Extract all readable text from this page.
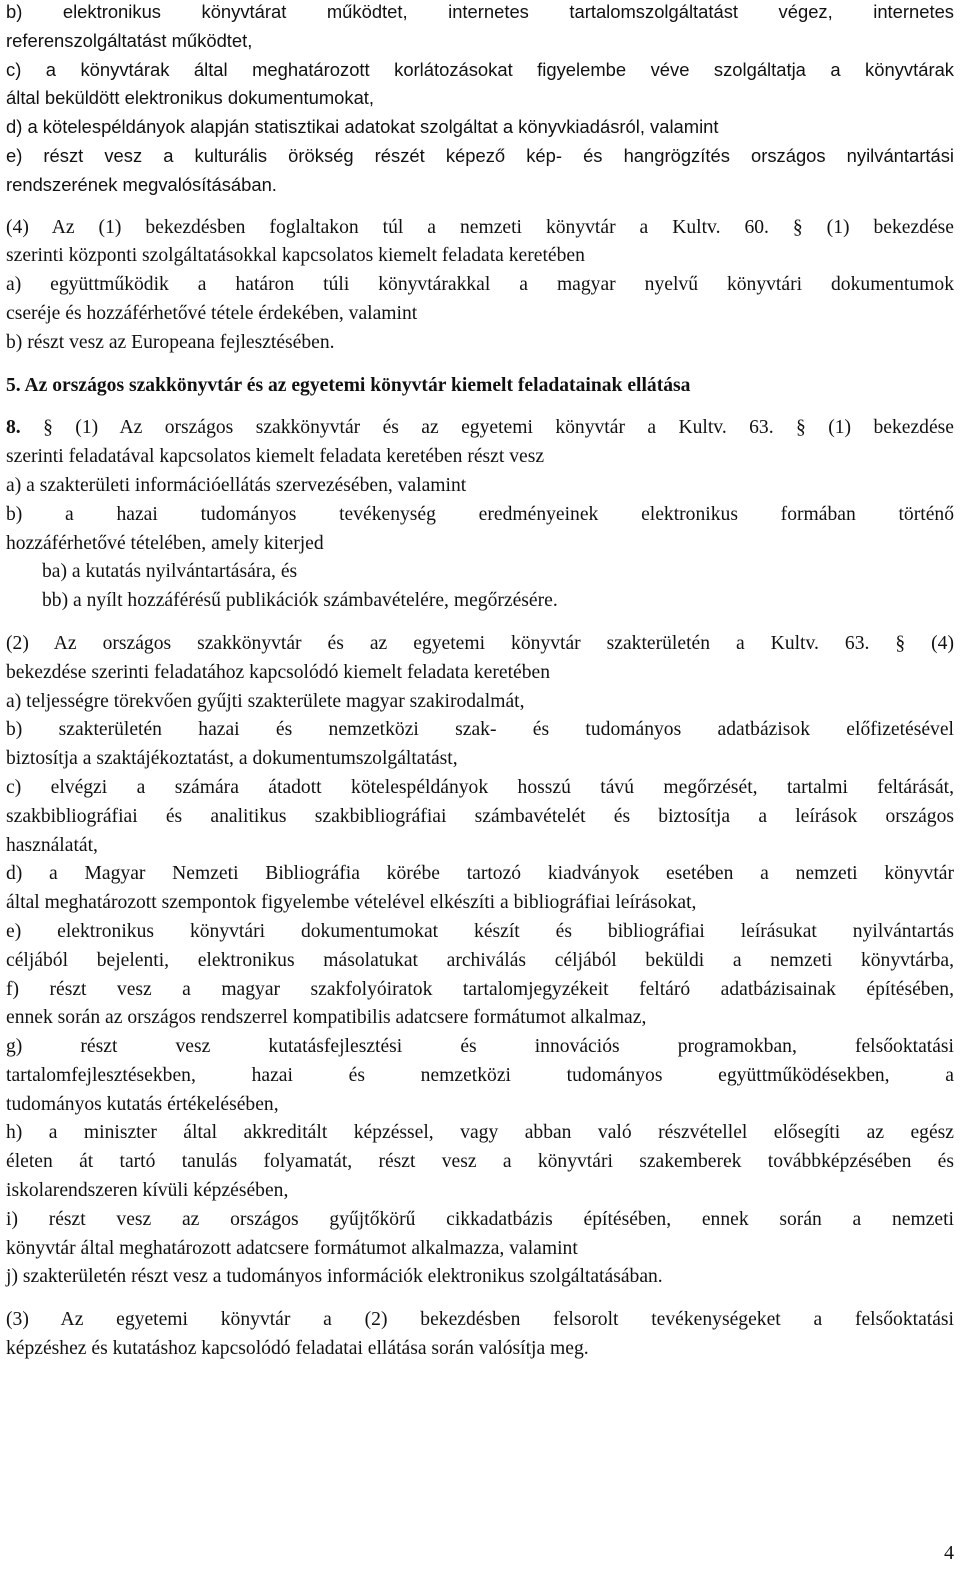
b) elektronikus könyvtárat működtet, internetes tartalomszolgáltatást végez, internetes
referenszolgáltatást működtet,
c) a könyvtárak által meghatározott korlátozásokat figyelembe véve szolgáltatja a könyvtárak
által beküldött elektronikus dokumentumokat,
d) a kötelespéldányok alapján statisztikai adatokat szolgáltat a könyvkiadásról, valamint
e) részt vesz a kulturális örökség részét képező kép- és hangrögzítés országos nyilvántartási
rendszerének megvalósításában.
(4) Az (1) bekezdésben foglaltakon túl a nemzeti könyvtár a Kultv. 60. § (1) bekezdése
szerinti központi szolgáltatásokkal kapcsolatos kiemelt feladata keretében
a) együttműködik a határon túli könyvtárakkal a magyar nyelvű könyvtári dokumentumok
cseréje és hozzáférhetővé tétele érdekében, valamint
b) részt vesz az Europeana fejlesztésében.
5. Az országos szakkönyvtár és az egyetemi könyvtár kiemelt feladatainak ellátása
8. § (1) Az országos szakkönyvtár és az egyetemi könyvtár a Kultv. 63. § (1) bekezdése
szerinti feladatával kapcsolatos kiemelt feladata keretében részt vesz
a) a szakterületi információellátás szervezésében, valamint
b) a hazai tudományos tevékenység eredményeinek elektronikus formában történő
hozzáférhetővé tételében, amely kiterjed
ba) a kutatás nyilvántartására, és
bb) a nyílt hozzáférésű publikációk számbavételére, megőrzésére.
(2) Az országos szakkönyvtár és az egyetemi könyvtár szakterületén a Kultv. 63. § (4)
bekezdése szerinti feladatához kapcsolódó kiemelt feladata keretében
a) teljességre törekvően gyűjti szakterülete magyar szakirodalmát,
b) szakterületén hazai és nemzetközi szak- és tudományos adatbázisok előfizetésével
biztosítja a szaktájékoztatást, a dokumentumszolgáltatást,
c) elvégzi a számára átadott kötelespéldányok hosszú távú megőrzését, tartalmi feltárását,
szakbibliográfiai és analitikus szakbibliográfiai számbavételét és biztosítja a leírások országos
használatát,
d) a Magyar Nemzeti Bibliográfia körébe tartozó kiadványok esetében a nemzeti könyvtár
által meghatározott szempontok figyelembe vételével elkészíti a bibliográfiai leírásokat,
e) elektronikus könyvtári dokumentumokat készít és bibliográfiai leírásukat nyilvántartás
céljából bejelenti, elektronikus másolatukat archiválás céljából beküldi a nemzeti könyvtárba,
f) részt vesz a magyar szakfolyóiratok tartalomjegyzékeit feltáró adatbázisainak építésében,
ennek során az országos rendszerrel kompatibilis adatcsere formátumot alkalmaz,
g) részt vesz kutatásfejlesztési és innovációs programokban, felsőoktatási
tartalomfejlesztésekben, hazai és nemzetközi tudományos együttműködésekben, a
tudományos kutatás értékelésében,
h) a miniszter által akkreditált képzéssel, vagy abban való részvétellel elősegíti az egész
életen át tartó tanulás folyamatát, részt vesz a könyvtári szakemberek továbbképzésében és
iskolarendszeren kívüli képzésében,
i) részt vesz az országos gyűjtőkörű cikkadatbázis építésében, ennek során a nemzeti
könyvtár által meghatározott adatcsere formátumot alkalmazza, valamint
j) szakterületén részt vesz a tudományos információk elektronikus szolgáltatásában.
(3) Az egyetemi könyvtár a (2) bekezdésben felsorolt tevékenységeket a felsőoktatási
képzéshez és kutatáshoz kapcsolódó feladatai ellátása során valósítja meg.
4
